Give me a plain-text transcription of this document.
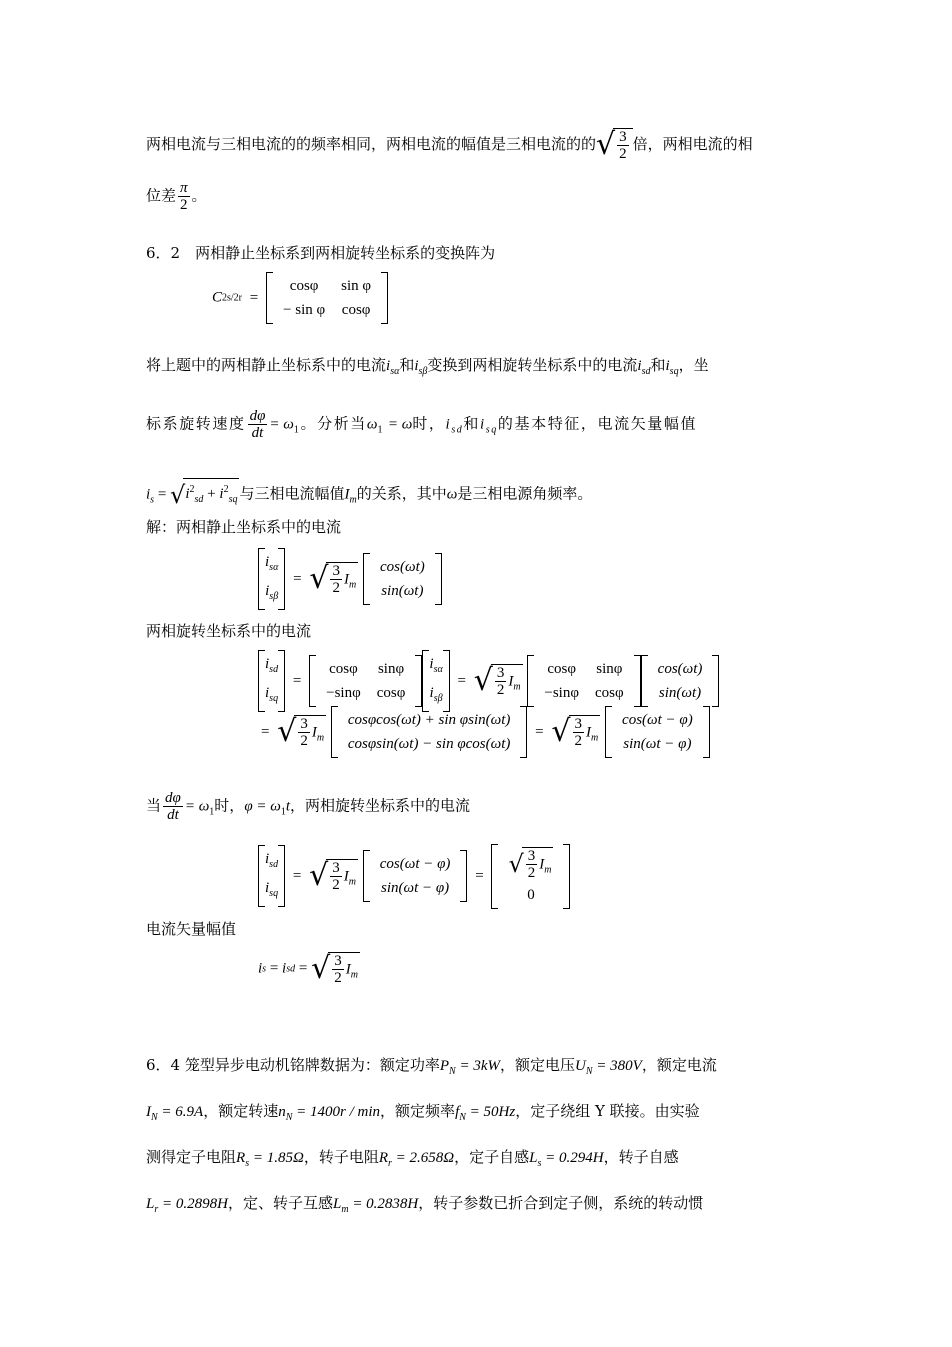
两相电流与三相电流的的频率相同，两相电流的幅值是三相电流的的√ $\frac{3}{2}$ 倍，两相电流的相
位差 $\frac{\pi}{2}$ 。
6．2　两相静止坐标系到两相旋转坐标系的变换阵为
C2s/2r =
cosφ	sin φ
− sin φ	cosφ
将上题中的两相静止坐标系中的电流$i_{s\alpha}$和$i_{s\beta}$变换到两相旋转坐标系中的电流$i_{sd}$和$i_{sq}$，坐
标系旋转速度 $\frac{d\varphi}{dt} = \omega_1$。分析当$\omega_1 = \omega$时，$i_{sd}$和$i_{sq}$的基本特征，电流矢量幅值
$i_s = √i^2_{sd} + i^2_{sq}$ 与三相电流幅值$I_m$的关系，其中ω是三相电源角频率。
解：两相静止坐标系中的电流
$i_{s\alpha}$
$i_{s\beta}$
= √ $\frac{3}{2} I_m$
cos(ωt)
sin(ωt)
两相旋转坐标系中的电流
$i_{sd}$
$i_{sq}$
=
cosφ	sinφ
−sinφ	cosφ
$i_{s\alpha}$
$i_{s\beta}$
= √ $\frac{3}{2} I_m$
cosφ	sinφ
−sinφ	cosφ
cos(ωt)
sin(ωt)
= √ $\frac{3}{2} I_m$
cosφcos(ωt) + sin φsin(ωt)
cosφsin(ωt) − sin φcos(ωt)
= √ $\frac{3}{2} I_m$
cos(ωt − φ)
sin(ωt − φ)
当 $\frac{d\varphi}{dt} = \omega_1$时，$\varphi = \omega_1t$，两相旋转坐标系中的电流
$i_{sd}$
$i_{sq}$
= √ $\frac{3}{2} I_m$
cos(ωt − φ)
sin(ωt − φ)
= √ $\frac{3}{2} I_m$
0
电流矢量幅值
is = isd = √ $\frac{3}{2} I_m$
6．4 笼型异步电动机铭牌数据为：额定功率$P_N = 3kW$，额定电压$U_N = 380V$，额定电流
$I_N = 6.9A$，额定转速$n_N = 1400r / \min$，额定频率$f_N = 50Hz$，定子绕组 Y 联接。由实验
测得定子电阻$R_s = 1.85\Omega$，转子电阻$R_r = 2.658\Omega$，定子自感$L_s = 0.294H$，转子自感
$L_r = 0.2898H$，定、转子互感$L_m = 0.2838H$，转子参数已折合到定子侧，系统的转动惯
